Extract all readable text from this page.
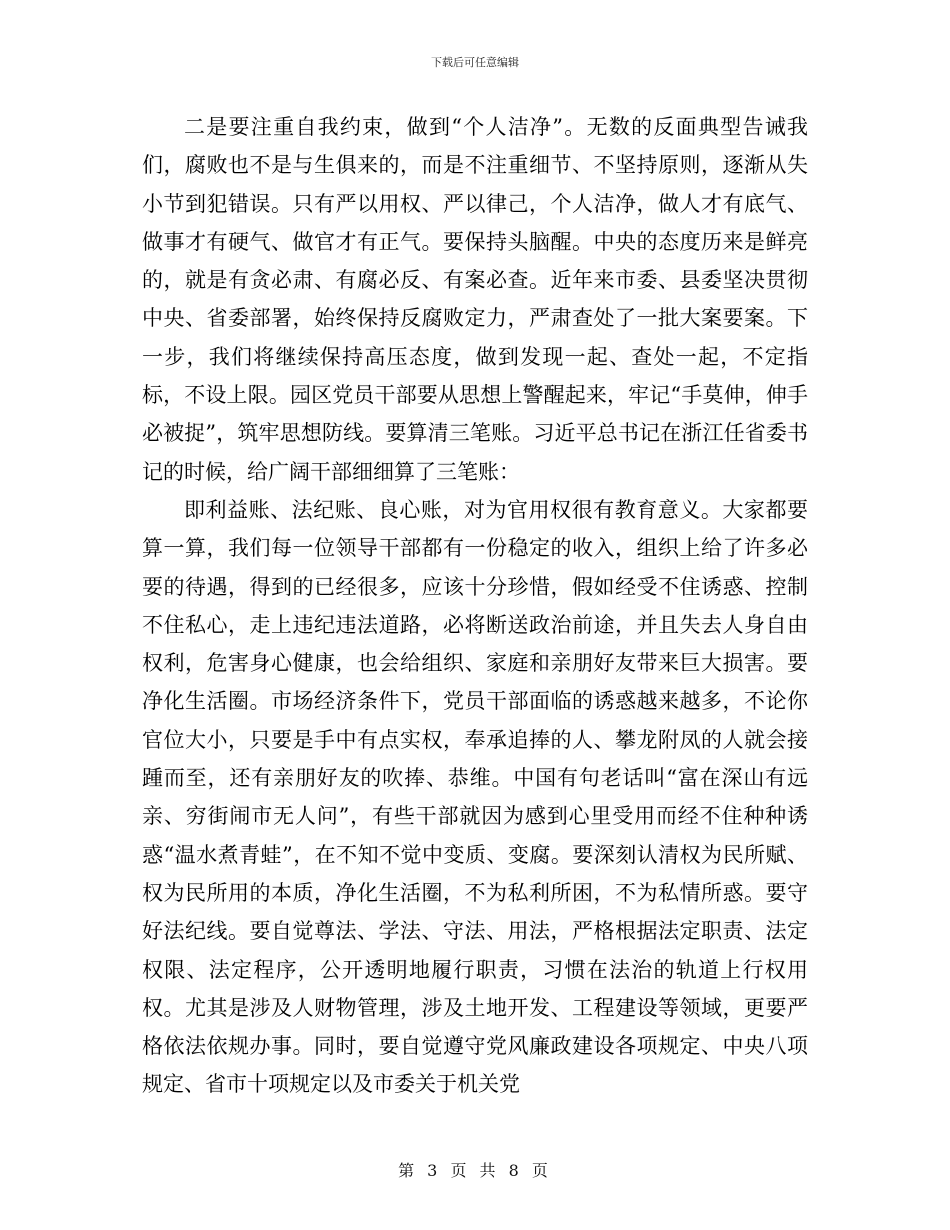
下载后可任意编辑

二是要注重自我约束，做到“个人洁净”。无数的反面典型告诫我们，腐败也不是与生俱来的，而是不注重细节、不坚持原则，逐渐从失小节到犯错误。只有严以用权、严以律己，个人洁净，做人才有底气、做事才有硬气、做官才有正气。要保持头脑醒。中央的态度历来是鲜亮的，就是有贪必肃、有腐必反、有案必查。近年来市委、县委坚决贯彻中央、省委部署，始终保持反腐败定力，严肃查处了一批大案要案。下一步，我们将继续保持高压态度，做到发现一起、查处一起，不定指标，不设上限。园区党员干部要从思想上警醒起来，牢记“手莫伸，伸手必被捉”，筑牢思想防线。要算清三笔账。习近平总书记在浙江任省委书记的时候，给广阔干部细细算了三笔账：

即利益账、法纪账、良心账，对为官用权很有教育意义。大家都要算一算，我们每一位领导干部都有一份稳定的收入，组织上给了许多必要的待遇，得到的已经很多，应该十分珍惜，假如经受不住诱惑、控制不住私心，走上违纪违法道路，必将断送政治前途，并且失去人身自由权利，危害身心健康，也会给组织、家庭和亲朋好友带来巨大损害。要净化生活圈。市场经济条件下，党员干部面临的诱惑越来越多，不论你官位大小，只要是手中有点实权，奉承追捧的人、攀龙附凤的人就会接踵而至，还有亲朋好友的吹捧、恭维。中国有句老话叫“富在深山有远亲、穷街闹市无人问”，有些干部就因为感到心里受用而经不住种种诱惑“温水煮青蛙”，在不知不觉中变质、变腐。要深刻认清权为民所赋、权为民所用的本质，净化生活圈，不为私利所困，不为私情所惑。要守好法纪线。要自觉尊法、学法、守法、用法，严格根据法定职责、法定权限、法定程序，公开透明地履行职责，习惯在法治的轨道上行权用权。尤其是涉及人财物管理，涉及土地开发、工程建设等领域，更要严格依法依规办事。同时，要自觉遵守党风廉政建设各项规定、中央八项规定、省市十项规定以及市委关于机关党

第 3 页 共 8 页
